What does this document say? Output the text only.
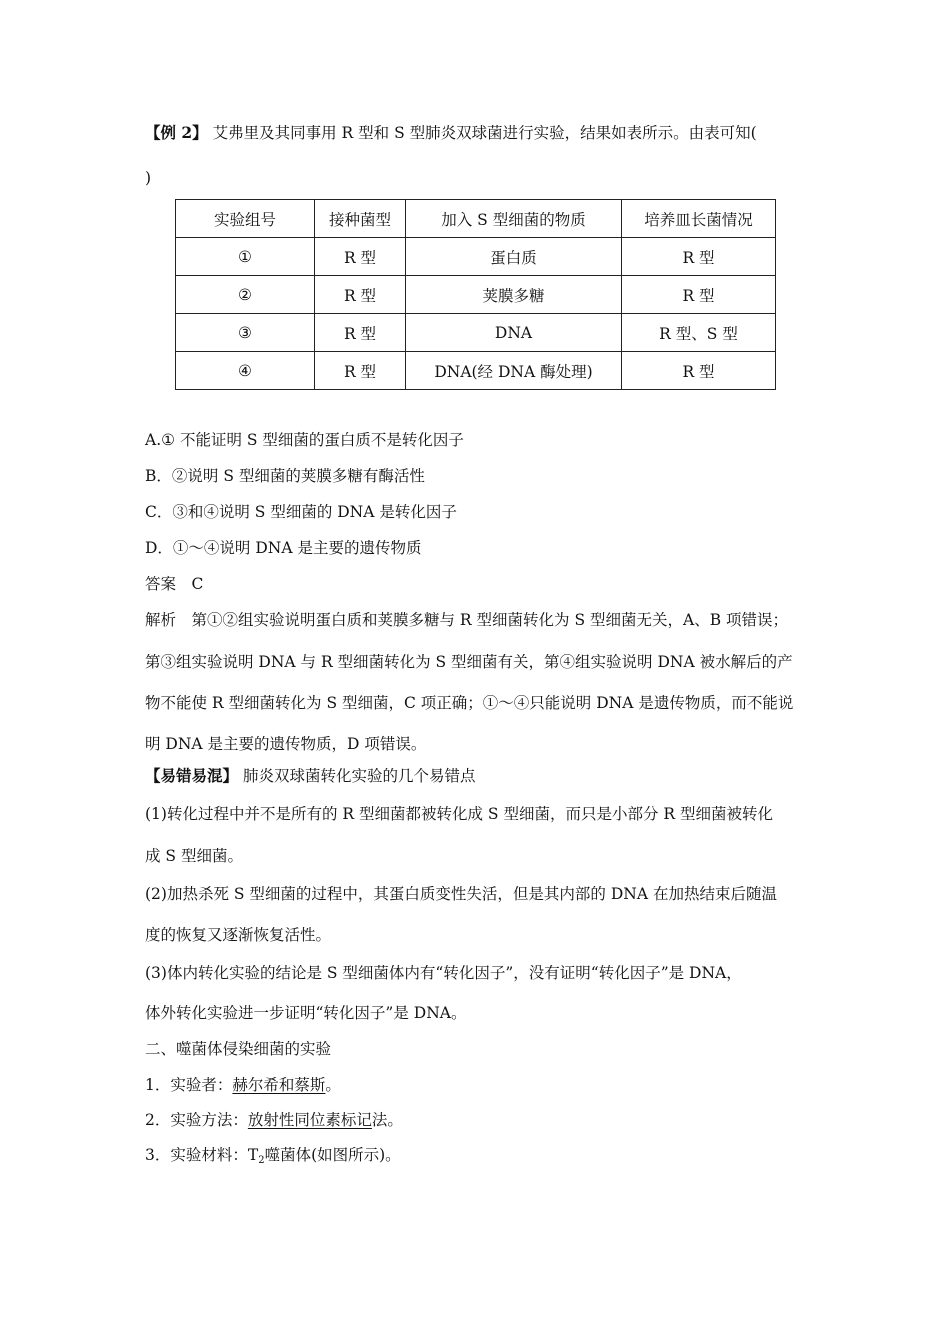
【例 2】 艾弗里及其同事用 R 型和 S 型肺炎双球菌进行实验，结果如表所示。由表可知(
)
实验组号	接种菌型	加入 S 型细菌的物质	培养皿长菌情况
①	R 型	蛋白质	R 型
②	R 型	荚膜多糖	R 型
③	R 型	DNA	R 型、S 型
④	R 型	DNA(经 DNA 酶处理)	R 型
A.① 不能证明 S 型细菌的蛋白质不是转化因子
B．②说明 S 型细菌的荚膜多糖有酶活性
C．③和④说明 S 型细菌的 DNA 是转化因子
D．①～④说明 DNA 是主要的遗传物质
答案　C
解析　第①②组实验说明蛋白质和荚膜多糖与 R 型细菌转化为 S 型细菌无关，A、B 项错误；
第③组实验说明 DNA 与 R 型细菌转化为 S 型细菌有关，第④组实验说明 DNA 被水解后的产
物不能使 R 型细菌转化为 S 型细菌，C 项正确；①～④只能说明 DNA 是遗传物质，而不能说
明 DNA 是主要的遗传物质，D 项错误。
【易错易混】 肺炎双球菌转化实验的几个易错点
(1)转化过程中并不是所有的 R 型细菌都被转化成 S 型细菌，而只是小部分 R 型细菌被转化
成 S 型细菌。
(2)加热杀死 S 型细菌的过程中，其蛋白质变性失活，但是其内部的 DNA 在加热结束后随温
度的恢复又逐渐恢复活性。
(3)体内转化实验的结论是 S 型细菌体内有“转化因子”，没有证明“转化因子”是 DNA，
体外转化实验进一步证明“转化因子”是 DNA。
二、噬菌体侵染细菌的实验
1．实验者：赫尔希和蔡斯。
2．实验方法：放射性同位素标记法。
3．实验材料：$T_2$噬菌体(如图所示)。
